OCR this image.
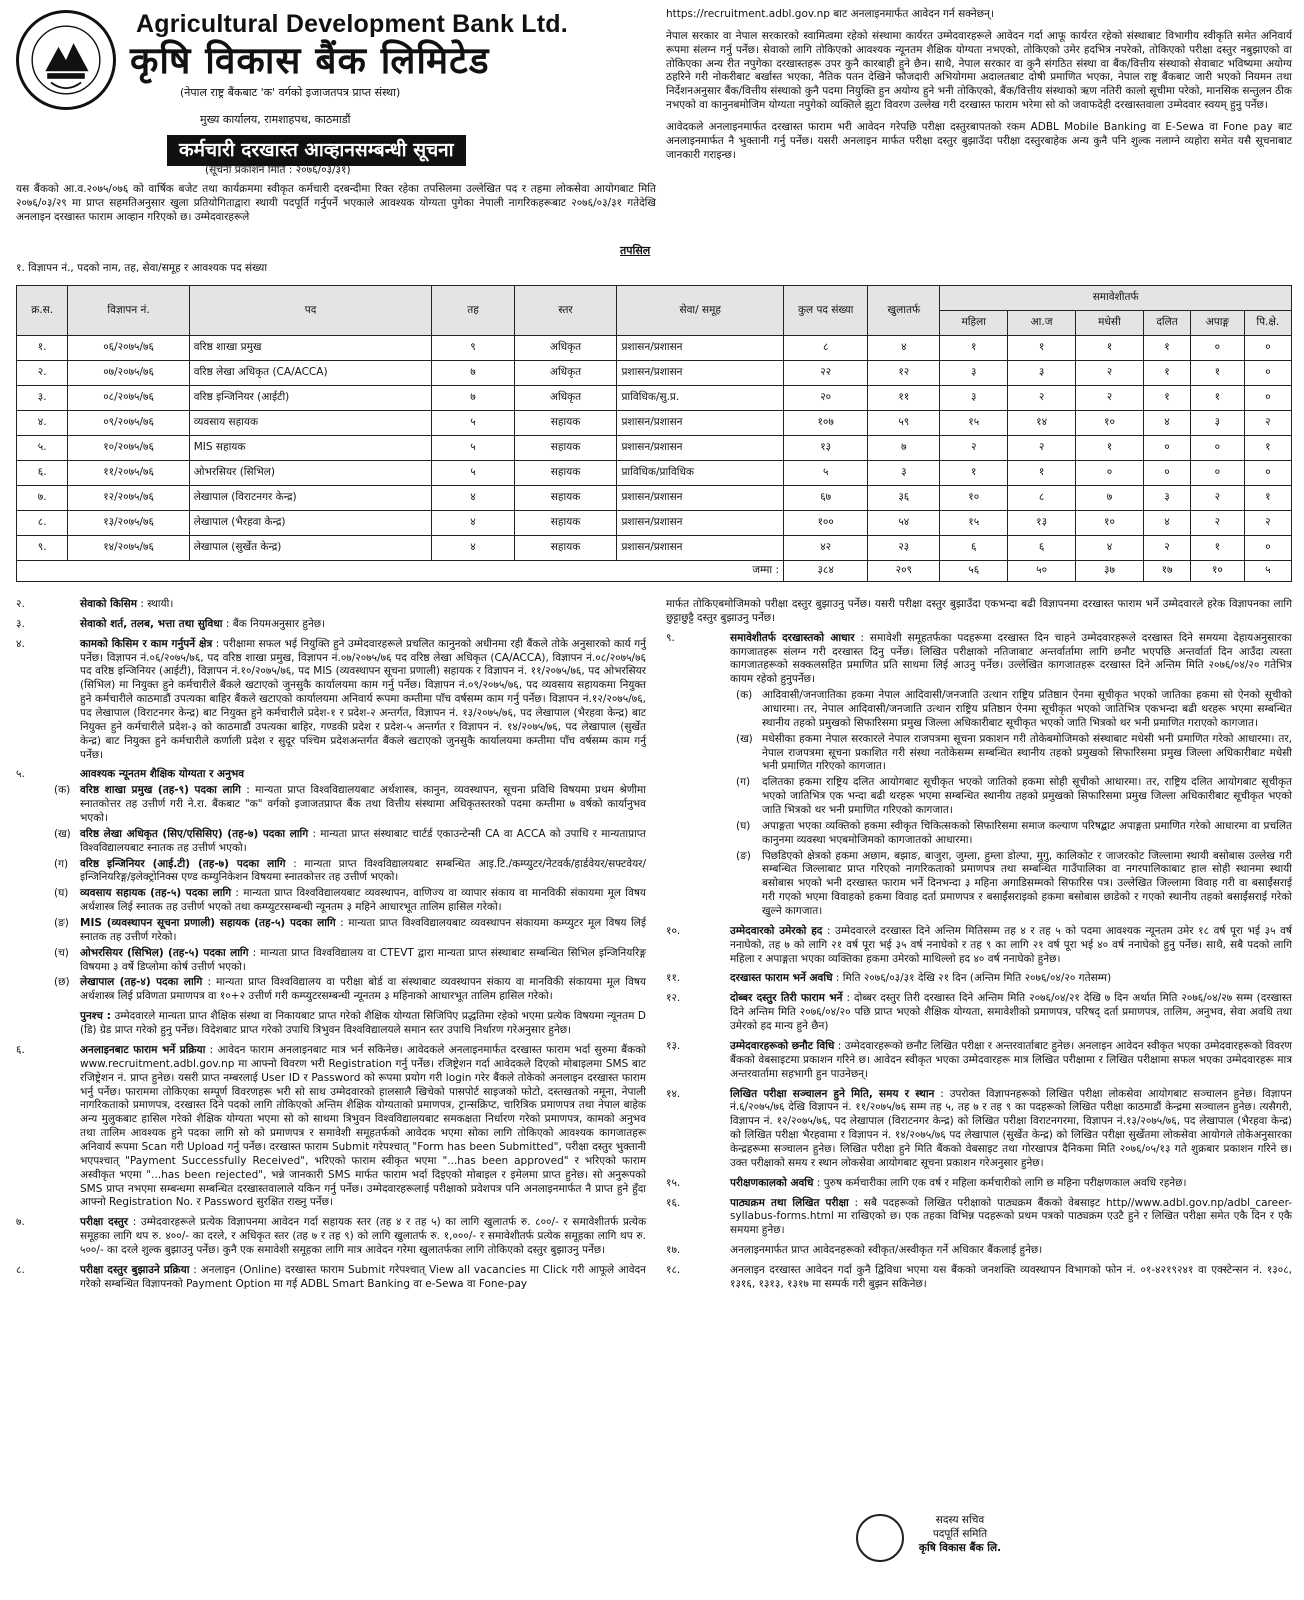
Agricultural Development Bank Ltd.
कृषि विकास बैंक लिमिटेड
(नेपाल राष्ट्र बैंकबाट 'क' वर्गको इजाजतपत्र प्राप्त संस्था)
मुख्य कार्यालय, रामशाहपथ, काठमाडौं
कर्मचारी दरखास्त आव्हानसम्बन्धी सूचना
(सूचना प्रकाशन मिति : २०७६/०३/३१)
यस बैंकको आ.व.२०७५/०७६ को वार्षिक बजेट तथा कार्यक्रममा स्वीकृत कर्मचारी दरबन्दीमा रिक्त रहेका तपसिलमा उल्लेखित पद र तहमा लोकसेवा आयोगबाट मिति २०७६/०३/२९ मा प्राप्त सहमतिअनुसार खुला प्रतियोगिताद्वारा स्थायी पदपूर्ति गर्नुपर्ने भएकाले आवश्यक योग्यता पुगेका नेपाली नागरिकहरूबाट २०७६/०३/३१ गतेदेखि अनलाइन दरखास्त फाराम आव्हान गरिएको छ। उम्मेदवारहरूले

https://recruitment.adbl.gov.np बाट अनलाइनमार्फत आवेदन गर्न सक्नेछन्।

नेपाल सरकार वा नेपाल सरकारको स्वामित्वमा रहेको संस्थामा कार्यरत उम्मेदवारहरूले आवेदन गर्दा आफू कार्यरत रहेको संस्थाबाट विभागीय स्वीकृति समेत अनिवार्य रूपमा संलग्न गर्नु पर्नेछ। सेवाको लागि तोकिएको आवश्यक न्यूनतम शैक्षिक योग्यता नभएको, तोकिएको उमेर हदभित्र नपरेको, तोकिएको परीक्षा दस्तुर नबुझाएको वा तोकिएका अन्य रीत नपुगेका दरखास्तहरू उपर कुनै कारबाही हुने छैन। साथै, नेपाल सरकार वा कुनै संगठित संस्था वा बैंक/वित्तीय संस्थाको सेवाबाट भविष्यमा अयोग्य ठहरिने गरी नोकरीबाट बर्खास्त भएका, नैतिक पतन देखिने फौजदारी अभियोगमा अदालतबाट दोषी प्रमाणित भएका, नेपाल राष्ट्र बैंकबाट जारी भएको नियमन तथा निर्देशनअनुसार बैंक/वित्तीय संस्थाको कुनै पदमा नियुक्ति हुन अयोग्य हुने भनी तोकिएको, बैंक/वित्तीय संस्थाको ऋण नतिरी कालो सूचीमा परेको, मानसिक सन्तुलन ठीक नभएको वा कानुनबमोजिम योग्यता नपुगेको व्यक्तिले झुटा विवरण उल्लेख गरी दरखास्त फाराम भरेमा सो को जवाफदेही दरखास्तवाला उम्मेदवार स्वयम् हुनु पर्नेछ।

आवेदकले अनलाइनमार्फत दरखास्त फाराम भरी आवेदन गरेपछि परीक्षा दस्तुरबापतको रकम ADBL Mobile Banking वा E-Sewa वा Fone pay बाट अनलाइनमार्फत नै भुक्तानी गर्नु पर्नेछ। यसरी अनलाइन मार्फत परीक्षा दस्तुर बुझाउँदा परीक्षा दस्तुरबाहेक अन्य कुनै पनि शुल्क नलाग्ने व्यहोरा समेत यसै सूचनाबाट जानकारी गराइन्छ।

तपसिल
१. विज्ञापन नं., पदको नाम, तह, सेवा/समूह र आवश्यक पद संख्या
क्र.स.	विज्ञापन नं.	पद	तह	स्तर	सेवा/ समूह	कुल पद संख्या	खुलातर्फ	समावेशीतर्फ					
								महिला	आ.ज	मधेसी	दलित	अपाङ्ग	पि.क्षे.
१.	०६/२०७५/७६	वरिष्ठ शाखा प्रमुख	९	अधिकृत	प्रशासन/प्रशासन	८	४	१	१	१	१	०	०
२.	०७/२०७५/७६	वरिष्ठ लेखा अधिकृत (CA/ACCA)	७	अधिकृत	प्रशासन/प्रशासन	२२	१२	३	३	२	१	१	०
३.	०८/२०७५/७६	वरिष्ठ इन्जिनियर (आईटी)	७	अधिकृत	प्राविधिक/सु.प्र.	२०	११	३	२	२	१	१	०
४.	०९/२०७५/७६	व्यवसाय सहायक	५	सहायक	प्रशासन/प्रशासन	१०७	५९	१५	१४	१०	४	३	२
५.	१०/२०७५/७६	MIS सहायक	५	सहायक	प्रशासन/प्रशासन	१३	७	२	२	१	०	०	१
६.	११/२०७५/७६	ओभरसियर (सिभिल)	५	सहायक	प्राविधिक/प्राविधिक	५	३	१	१	०	०	०	०
७.	१२/२०७५/७६	लेखापाल (विराटनगर केन्द्र)	४	सहायक	प्रशासन/प्रशासन	६७	३६	१०	८	७	३	२	१
८.	१३/२०७५/७६	लेखापाल (भैरहवा केन्द्र)	४	सहायक	प्रशासन/प्रशासन	१००	५४	१५	१३	१०	४	२	२
९.	१४/२०७५/७६	लेखापाल (सुर्खेत केन्द्र)	४	सहायक	प्रशासन/प्रशासन	४२	२३	६	६	४	२	१	०
जम्मा :						३८४	२०९	५६	५०	३७	१७	१०	५
२.	सेवाको किसिम : स्थायी।
३.	सेवाको शर्त, तलब, भत्ता तथा सुविधा : बैंक नियमअनुसार हुनेछ।
४.	कामको किसिम र काम गर्नुपर्ने क्षेत्र : परीक्षामा सफल भई नियुक्ति हुने उम्मेदवारहरूले प्रचलित कानुनको अधीनमा रही बैंकले तोके अनुसारको कार्य गर्नु पर्नेछ। विज्ञापन नं.०६/२०७५/७६, पद वरिष्ठ शाखा प्रमुख, विज्ञापन नं.०७/२०७५/७६ पद वरिष्ठ लेखा अधिकृत (CA/ACCA), विज्ञापन नं.०८/२०७५/७६ पद वरिष्ठ इन्जिनियर (आईटी), विज्ञापन नं.१०/२०७५/७६, पद MIS (व्यवस्थापन सूचना प्रणाली) सहायक र विज्ञापन नं. ११/२०७५/७६, पद ओभरसियर (सिभिल) मा नियुक्त हुने कर्मचारीले बैंकले खटाएको जुनसुकै कार्यालयमा काम गर्नु पर्नेछ। विज्ञापन नं.०९/२०७५/७६, पद व्यवसाय सहायकमा नियुक्त हुने कर्मचारीले काठमाडौं उपत्यका बाहिर बैंकले खटाएको कार्यालयमा अनिवार्य रूपमा कम्तीमा पाँच वर्षसम्म काम गर्नु पर्नेछ। विज्ञापन नं.१२/२०७५/७६, पद लेखापाल (विराटनगर केन्द्र) बाट नियुक्त हुने कर्मचारीले प्रदेश-१ र प्रदेश-२ अन्तर्गत, विज्ञापन नं. १३/२०७५/७६, पद लेखापाल (भैरहवा केन्द्र) बाट नियुक्त हुने कर्मचारीले प्रदेश-३ को काठमाडौं उपत्यका बाहिर, गण्डकी प्रदेश र प्रदेश-५ अन्तर्गत र विज्ञापन नं. १४/२०७५/७६, पद लेखापाल (सुर्खेत केन्द्र) बाट नियुक्त हुने कर्मचारीले कर्णाली प्रदेश र सुदूर पश्चिम प्रदेशअन्तर्गत बैंकले खटाएको जुनसुकै कार्यालयमा कम्तीमा पाँच वर्षसम्म काम गर्नु पर्नेछ।
५.	आवश्यक न्यूनतम शैक्षिक योग्यता र अनुभव
(क) वरिष्ठ शाखा प्रमुख (तह-९) पदका लागि : मान्यता प्राप्त विश्वविद्यालयबाट अर्थशास्त्र, कानुन, व्यवस्थापन, सूचना प्रविधि विषयमा प्रथम श्रेणीमा स्नातकोत्तर तह उत्तीर्ण गरी ने.रा. बैंकबाट "क" वर्गको इजाजतप्राप्त बैंक तथा वित्तीय संस्थामा अधिकृतस्तरको पदमा कम्तीमा ७ वर्षको कार्यानुभव भएको।
(ख) वरिष्ठ लेखा अधिकृत (सिए/एसिसिए) (तह-७) पदका लागि : मान्यता प्राप्त संस्थाबाट चार्टर्ड एकाउन्टेन्सी CA वा ACCA को उपाधि र मान्यताप्राप्त विश्वविद्यालयबाट स्नातक तह उत्तीर्ण भएको।
(ग) वरिष्ठ इन्जिनियर (आई.टी) (तह-७) पदका लागि : मान्यता प्राप्त विश्वविद्यालयबाट सम्बन्धित आइ.टि./कम्प्युटर/नेटवर्क/हार्डवेयर/सफ्टवेयर/इन्जिनियरिङ्ग/इलेक्ट्रोनिक्स एण्ड कम्युनिकेशन विषयमा स्नातकोत्तर तह उत्तीर्ण भएको।
(घ) व्यवसाय सहायक (तह-५) पदका लागि : मान्यता प्राप्त विश्वविद्यालयबाट व्यवस्थापन, वाणिज्य वा व्यापार संकाय वा मानविकी संकायमा मूल विषय अर्थशास्त्र लिई स्नातक तह उत्तीर्ण भएको तथा कम्प्युटरसम्बन्धी न्यूनतम ३ महिने आधारभूत तालिम हासिल गरेको।
(ङ) MIS (व्यवस्थापन सूचना प्रणाली) सहायक (तह-५) पदका लागि : मान्यता प्राप्त विश्वविद्यालयबाट व्यवस्थापन संकायमा कम्प्युटर मूल विषय लिई स्नातक तह उत्तीर्ण गरेको।
(च) ओभरसियर (सिभिल) (तह-५) पदका लागि : मान्यता प्राप्त विश्वविद्यालय वा CTEVT द्वारा मान्यता प्राप्त संस्थाबाट सम्बन्धित सिभिल इन्जिनियरिङ्ग विषयमा ३ वर्षे डिप्लोमा कोर्ष उत्तीर्ण भएको।
(छ) लेखापाल (तह-४) पदका लागि : मान्यता प्राप्त विश्वविद्यालय वा परीक्षा बोर्ड वा संस्थाबाट व्यवस्थापन संकाय वा मानविकी संकायमा मूल विषय अर्थशास्त्र लिई प्रविणता प्रमाणपत्र वा १०+२ उत्तीर्ण गरी कम्प्युटरसम्बन्धी न्यूनतम ३ महिनाको आधारभूत तालिम हासिल गरेको।
पुनश्च : उम्मेदवारले मान्यता प्राप्त शैक्षिक संस्था वा निकायबाट प्राप्त गरेको शैक्षिक योग्यता सिजिपिए प्रद्धतिमा रहेको भएमा प्रत्येक विषयमा न्यूनतम D (डि) ग्रेड प्राप्त गरेको हुनु पर्नेछ। विदेशबाट प्राप्त गरेको उपाधि त्रिभुवन विश्वविद्यालयले समान स्तर उपाधि निर्धारण गरेअनुसार हुनेछ।
६.	अनलाइनबाट फाराम भर्ने प्रक्रिया : आवेदन फाराम अनलाइनबाट मात्र भर्न सकिनेछ। आवेदकले अनलाइनमार्फत दरखास्त फाराम भर्दा सुरुमा बैंकको www.recruitment.adbl.gov.np मा आफ्नो विवरण भरी Registration गर्नु पर्नेछ। रजिष्ट्रेशन गर्दा आवेदकले दिएको मोबाइलमा SMS बाट रजिष्ट्रेशन नं. प्राप्त हुनेछ। यसरी प्राप्त नम्बरलाई User ID र Password को रूपमा प्रयोग गरी login गरेर बैंकले तोकेको अनलाइन दरखास्त फाराम भर्नु पर्नेछ। फाराममा तोकिएका सम्पूर्ण विवरणहरू भरी सो साथ उम्मेदवारको हालसालै खिचेको पासपोर्ट साइजको फोटो, दस्तखतको नमूना, नेपाली नागरिकताको प्रमाणपत्र, दरखास्त दिने पदको लागि तोकिएको अन्तिम शैक्षिक योग्यताको प्रमाणपत्र, ट्रान्सक्रिप्ट, चारित्रिक प्रमाणपत्र तथा नेपाल बाहेक अन्य मुलुकबाट हासिल गरेको शैक्षिक योग्यता भएमा सो को साथमा त्रिभुवन विश्वविद्यालयबाट समकक्षता निर्धारण गरेको प्रमाणपत्र, कामको अनुभव तथा तालिम आवश्यक हुने पदका लागि सो को प्रमाणपत्र र समावेशी समूहतर्फको आवेदक भएमा सोका लागि तोकिएको आवश्यक कागजातहरू अनिवार्य रूपमा Scan गरी Upload गर्नु पर्नेछ। दरखास्त फाराम Submit गरेपश्चात् "Form has been Submitted", परीक्षा दस्तुर भुक्तानी भएपश्चात् "Payment Successfully Received", भरिएको फाराम स्वीकृत भएमा "...has been approved" र भरिएको फाराम अस्वीकृत भएमा "...has been rejected", भन्ने जानकारी SMS मार्फत फाराम भर्दा दिइएको मोबाइल र इमेलमा प्राप्त हुनेछ। सो अनुरूपको SMS प्राप्त नभएमा सम्बन्धमा सम्बन्धित दरखास्तवालाले यकिन गर्नु पर्नेछ। उम्मेदवारहरूलाई परीक्षाको प्रवेशपत्र पनि अनलाइनमार्फत नै प्राप्त हुने हुँदा आफ्नो Registration No. र Password सुरक्षित राख्नु पर्नेछ।
७.	परीक्षा दस्तुर : उम्मेदवारहरूले प्रत्येक विज्ञापनमा आवेदन गर्दा सहायक स्तर (तह ४ र तह ५) का लागि खुलातर्फ रु. ८००/- र समावेशीतर्फ प्रत्येक समूहका लागि थप रु. ४००/- का दरले, र अधिकृत स्तर (तह ७ र तह ९) को लागि खुलातर्फ रु. १,०००/- र समावेशीतर्फ प्रत्येक समूहका लागि थप रु. ५००/- का दरले शुल्क बुझाउनु पर्नेछ। कुनै एक समावेशी समूहका लागि मात्र आवेदन गरेमा खुलातर्फका लागि तोकिएको दस्तुर बुझाउनु पर्नेछ।
८.	परीक्षा दस्तुर बुझाउने प्रक्रिया : अनलाइन (Online) दरखास्त फाराम Submit गरेपश्चात् View all vacancies मा Click गरी आफूले आवेदन गरेको सम्बन्धित विज्ञापनको Payment Option मा गई ADBL Smart Banking वा e-Sewa वा Fone-pay
मार्फत तोकिएबमोजिमको परीक्षा दस्तुर बुझाउनु पर्नेछ। यसरी परीक्षा दस्तुर बुझाउँदा एकभन्दा बढी विज्ञापनमा दरखास्त फाराम भर्ने उम्मेदवारले हरेक विज्ञापनका लागि छुट्टाछुट्टै दस्तुर बुझाउनु पर्नेछ।
९.	समावेशीतर्फ दरखास्तको आधार : समावेशी समूहतर्फका पदहरूमा दरखास्त दिन चाहने उम्मेदवारहरूले दरखास्त दिने समयमा देहायअनुसारका कागजातहरू संलग्न गरी दरखास्त दिनु पर्नेछ। लिखित परीक्षाको नतिजाबाट अन्तर्वार्तामा लागि छनौट भएपछि अन्तर्वार्ता दिन आउँदा त्यस्ता कागजातहरूको सक्कलसहित प्रमाणित प्रति साथमा लिई आउनु पर्नेछ। उल्लेखित कागजातहरू दरखास्त दिने अन्तिम मिति २०७६/०४/२० गतेभित्र कायम रहेको हुनुपर्नेछ।
(क) आदिवासी/जनजातिका हकमा नेपाल आदिवासी/जनजाति उत्थान राष्ट्रिय प्रतिष्ठान ऐनमा सूचीकृत भएको जातिका हकमा सो ऐनको सूचीको आधारमा। तर, नेपाल आदिवासी/जनजाति उत्थान राष्ट्रिय प्रतिष्ठान ऐनमा सूचीकृत भएको जातिभित्र एकभन्दा बढी थरहरू भएमा सम्बन्धित स्थानीय तहको प्रमुखको सिफारिसमा प्रमुख जिल्ला अधिकारीबाट सूचीकृत भएको जाति भित्रको थर भनी प्रमाणित गराएको कागजात।
(ख) मधेसीका हकमा नेपाल सरकारले नेपाल राजपत्रमा सूचना प्रकाशन गरी तोकेबमोजिमको संस्थाबाट मधेसी भनी प्रमाणित गरेको आधारमा। तर, नेपाल राजपत्रमा सूचना प्रकाशित गरी संस्था नतोकेसम्म सम्बन्धित स्थानीय तहको प्रमुखको सिफारिसमा प्रमुख जिल्ला अधिकारीबाट मधेसी भनी प्रमाणित गरिएको कागजात।
(ग) दलितका हकमा राष्ट्रिय दलित आयोगबाट सूचीकृत भएको जातिको हकमा सोही सूचीको आधारमा। तर, राष्ट्रिय दलित आयोगबाट सूचीकृत भएको जातिभित्र एक भन्दा बढी थरहरू भएमा सम्बन्धित स्थानीय तहको प्रमुखको सिफारिसमा प्रमुख जिल्ला अधिकारीबाट सूचीकृत भएको जाति भित्रको थर भनी प्रमाणित गरिएको कागजात।
(घ) अपाङ्गता भएका व्यक्तिको हकमा स्वीकृत चिकित्सकको सिफारिसमा समाज कल्याण परिषद्बाट अपाङ्गता प्रमाणित गरेको आधारमा वा प्रचलित कानुनमा व्यवस्था भएबमोजिमको कागजातको आधारमा।
(ङ) पिछडिएको क्षेत्रको हकमा अछाम, बझाङ, बाजुरा, जुम्ला, हुम्ला डोल्पा, मुगु, कालिकोट र जाजरकोट जिल्लामा स्थायी बसोबास उल्लेख गरी सम्बन्धित जिल्लाबाट प्राप्त गरिएको नागरिकताको प्रमाणपत्र तथा सम्बन्धित गाउँपालिका वा नगरपालिकाबाट हाल सोही स्थानमा स्थायी बसोबास भएको भनी दरखास्त फाराम भर्ने दिनभन्दा ३ महिना अगाडिसम्मको सिफारिस पत्र। उल्लेखित जिल्लामा विवाह गरी वा बसाईंसराई गरी गएको भएमा विवाहको हकमा विवाह दर्ता प्रमाणपत्र र बसाईंसराइको हकमा बसोबास छाडेको र गएको स्थानीय तहको बसाईंसराई गरेको खुल्ने कागजात।
१०.	उम्मेदवारको उमेरको हद : उम्मेदवारले दरखास्त दिने अन्तिम मितिसम्म तह ४ र तह ५ को पदमा आवश्यक न्यूनतम उमेर १८ वर्ष पूरा भई ३५ वर्ष ननाघेको, तह ७ को लागि २१ वर्ष पूरा भई ३५ वर्ष ननाघेको र तह ९ का लागि २१ वर्ष पूरा भई ४० वर्ष ननाघेको हुनु पर्नेछ। साथै, सबै पदको लागि महिला र अपाङ्गता भएका व्यक्तिका हकमा उमेरको माथिल्लो हद ४० वर्ष ननाघेको हुनेछ।
११.	दरखास्त फाराम भर्ने अवधि : मिति २०७६/०३/३१ देखि २१ दिन (अन्तिम मिति २०७६/०४/२० गतेसम्म)
१२.	दोब्बर दस्तुर तिरी फाराम भर्ने : दोब्बर दस्तुर तिरी दरखास्त दिने अन्तिम मिति २०७६/०४/२१ देखि ७ दिन अर्थात मिति २०७६/०४/२७ सम्म (दरखास्त दिने अन्तिम मिति २०७६/०४/२० पछि प्राप्त भएको शैक्षिक योग्यता, समावेशीको प्रमाणपत्र, परिषद् दर्ता प्रमाणपत्र, तालिम, अनुभव, सेवा अवधि तथा उमेरको हद मान्य हुने छैन)
१३.	उम्मेदवारहरूको छनौट विधि : उम्मेदवारहरूको छनौट लिखित परीक्षा र अन्तरवार्ताबाट हुनेछ। अनलाइन आवेदन स्वीकृत भएका उम्मेदवारहरूको विवरण बैंकको वेबसाइटमा प्रकाशन गरिने छ। आवेदन स्वीकृत भएका उम्मेदवारहरू मात्र लिखित परीक्षामा र लिखित परीक्षामा सफल भएका उम्मेदवारहरू मात्र अन्तरवार्तामा सहभागी हुन पाउनेछन्।
१४.	लिखित परीक्षा सञ्चालन हुने मिति, समय र स्थान : उपरोक्त विज्ञापनहरूको लिखित परीक्षा लोकसेवा आयोगबाट सञ्चालन हुनेछ। विज्ञापन नं.६/२०७५/७६ देखि विज्ञापन नं. ११/२०७५/७६ सम्म तह ५, तह ७ र तह ९ का पदहरूको लिखित परीक्षा काठमाडौं केन्द्रमा सञ्चालन हुनेछ। त्यसैगरी, विज्ञापन नं. १२/२०७५/७६, पद लेखापाल (विराटनगर केन्द्र) को लिखित परीक्षा विराटनगरमा, विज्ञापन नं.१३/२०७५/७६, पद लेखापाल (भैरहवा केन्द्र) को लिखित परीक्षा भैरहवामा र विज्ञापन नं. १४/२०७५/७६ पद लेखापाल (सुर्खेत केन्द्र) को लिखित परीक्षा सुर्खेतमा लोकसेवा आयोगले तोकेअनुसारका केन्द्रहरूमा सञ्चालन हुनेछ। लिखित परीक्षा हुने मिति बैंकको वेबसाइट तथा गोरखापत्र दैनिकमा मिति २०७६/०५/१३ गते शुक्रबार प्रकाशन गरिने छ। उक्त परीक्षाको समय र स्थान लोकसेवा आयोगबाट सूचना प्रकाशन गरेअनुसार हुनेछ।
१५.	परीक्षणकालको अवधि : पुरुष कर्मचारीका लागि एक वर्ष र महिला कर्मचारीको लागि छ महिना परीक्षणकाल अवधि रहनेछ।
१६.	पाठ्यक्रम तथा लिखित परीक्षा : सबै पदहरूको लिखित परीक्षाको पाठ्यक्रम बैंकको वेबसाइट http//www.adbl.gov.np/adbl_career-syllabus-forms.html मा राखिएको छ। एक तहका विभिन्न पदहरूको प्रथम पत्रको पाठ्यक्रम एउटै हुने र लिखित परीक्षा समेत एकै दिन र एकै समयमा हुनेछ।
१७.	अनलाइनमार्फत प्राप्त आवेदनहरूको स्वीकृत/अस्वीकृत गर्ने अधिकार बैंकलाई हुनेछ।
१८.	अनलाइन दरखास्त आवेदन गर्दा कुनै द्विविधा भएमा यस बैंकको जनशक्ति व्यवस्थापन विभागको फोन नं. ०१-४२१९२४१ वा एक्स्टेन्सन नं. १३०८, १३१६, १३१३, १३१७ मा सम्पर्क गरी बुझन सकिनेछ।
सदस्य सचिव
पदपूर्ति समिति
कृषि विकास बैंक लि.
